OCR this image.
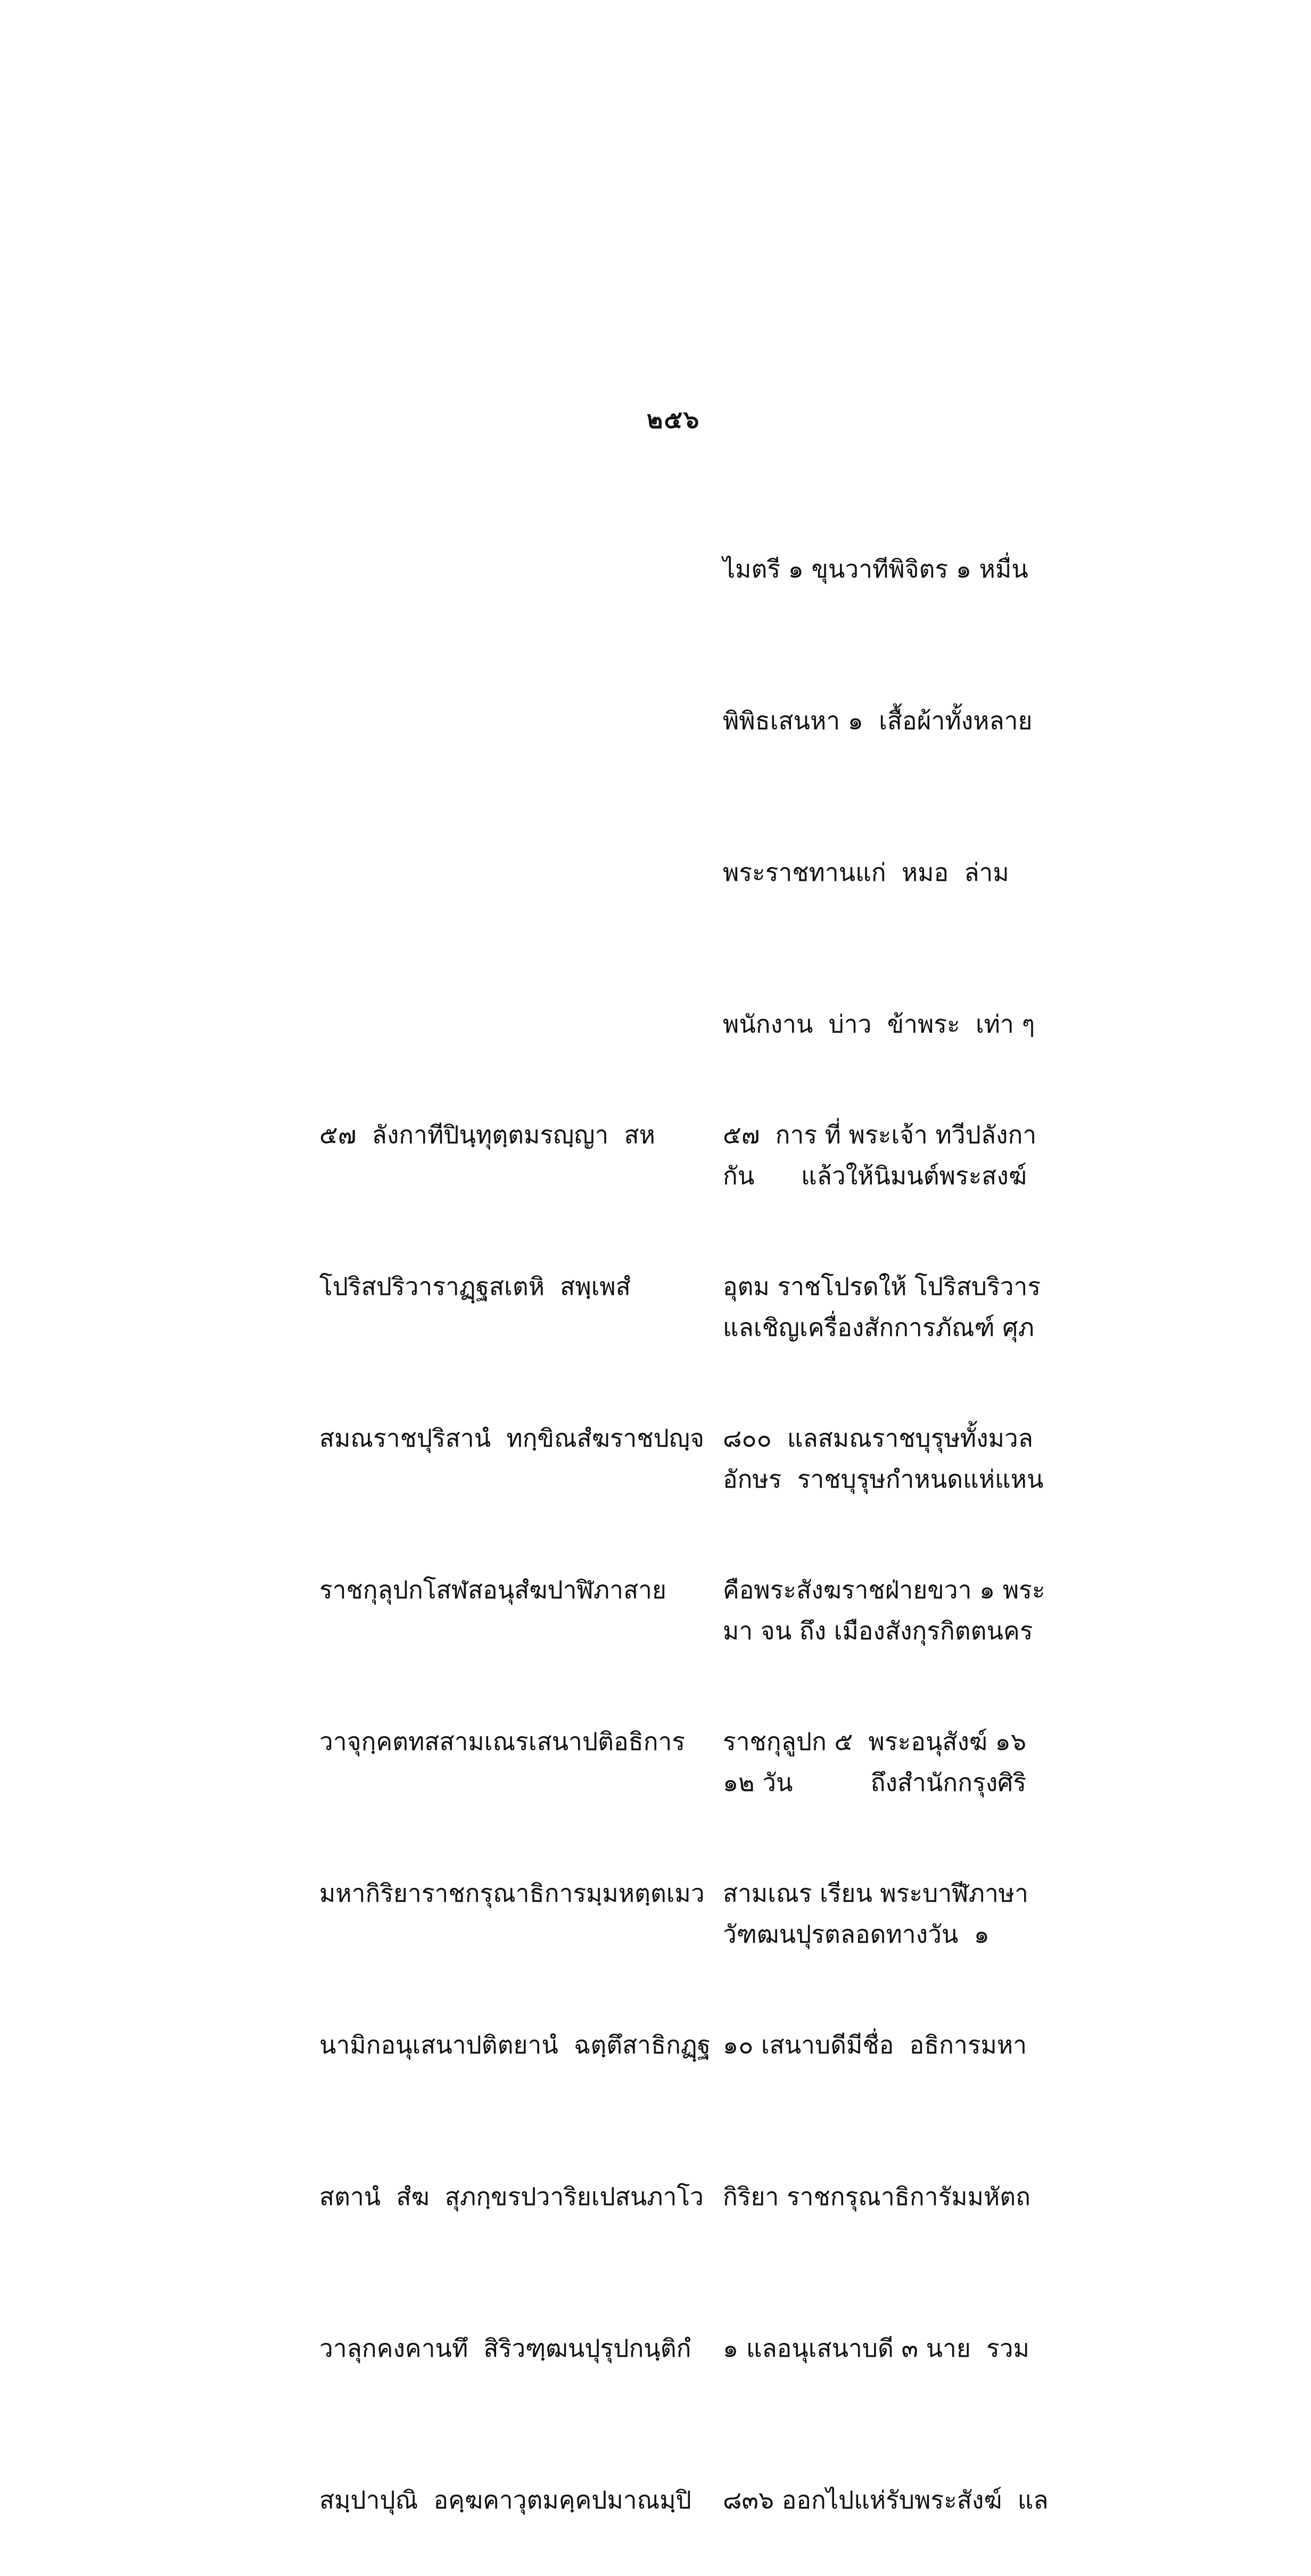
๒๕๖

ไมตรี ๑ ขุนวาทีพิจิตร ๑ หมื่น

พิพิธเสนหา ๑  เสื้อผ้าทั้งหลาย

พระราชทานแก่  หมอ  ล่าม

พนักงาน  บ่าว  ข้าพระ  เท่า ๆ

กัน      แล้วให้นิมนต์พระสงฆ์

แลเชิญเครื่องสักการภัณฑ์ ศุภ

อักษร  ราชบุรุษกำหนดแห่แหน

มา จน ถึง เมืองสังกุรกิตตนคร

๑๒ วัน          ถึงสำนักกรุงศิริ

วัฑฒนปุรตลอดทางวัน  ๑

๕๗  ลังกาทีปินฺทุตฺตมรญฺญา  สห

โปริสปริวาราฏฺฐสเตหิ  สพฺเพสํ

สมณราชปุริสานํ  ทกฺขิณสํฆราชปญฺจ

ราชกุลุปกโสฬสอนุสํฆปาฬิภาสาย

วาจุกฺคตทสสามเณรเสนาปติอธิการ

มหากิริยาราชกรุณาธิการมฺมหตฺตเมว

นามิกอนุเสนาปติตยานํ  ฉตฺตึสาธิกฏฺฐ

สตานํ  สํฆ  สุภกฺขรปวาริยเปสนภาโว

วาลุกคงคานทึ  สิริวฑฺฒนปุรุปกนฺติกํ

สมฺปาปุณิ  อคฺฆคาวุตมคฺคปมาณมฺปิ

๕๗  การ ที่ พระเจ้า ทวีปลังกา

อุตม ราชโปรดให้ โปริสบริวาร

๘๐๐  แลสมณราชบุรุษทั้งมวล

คือพระสังฆราชฝ่ายขวา ๑ พระ

ราชกุลูปก ๕  พระอนุสังฆ์ ๑๖

สามเณร เรียน พระบาฬีภาษา

๑๐ เสนาบดีมีชื่อ  อธิการมหา

กิริยา ราชกรุณาธิการัมมหัตถ

๑ แลอนุเสนาบดี ๓ นาย  รวม

๘๓๖ ออกไปแห่รับพระสังฆ์  แล
